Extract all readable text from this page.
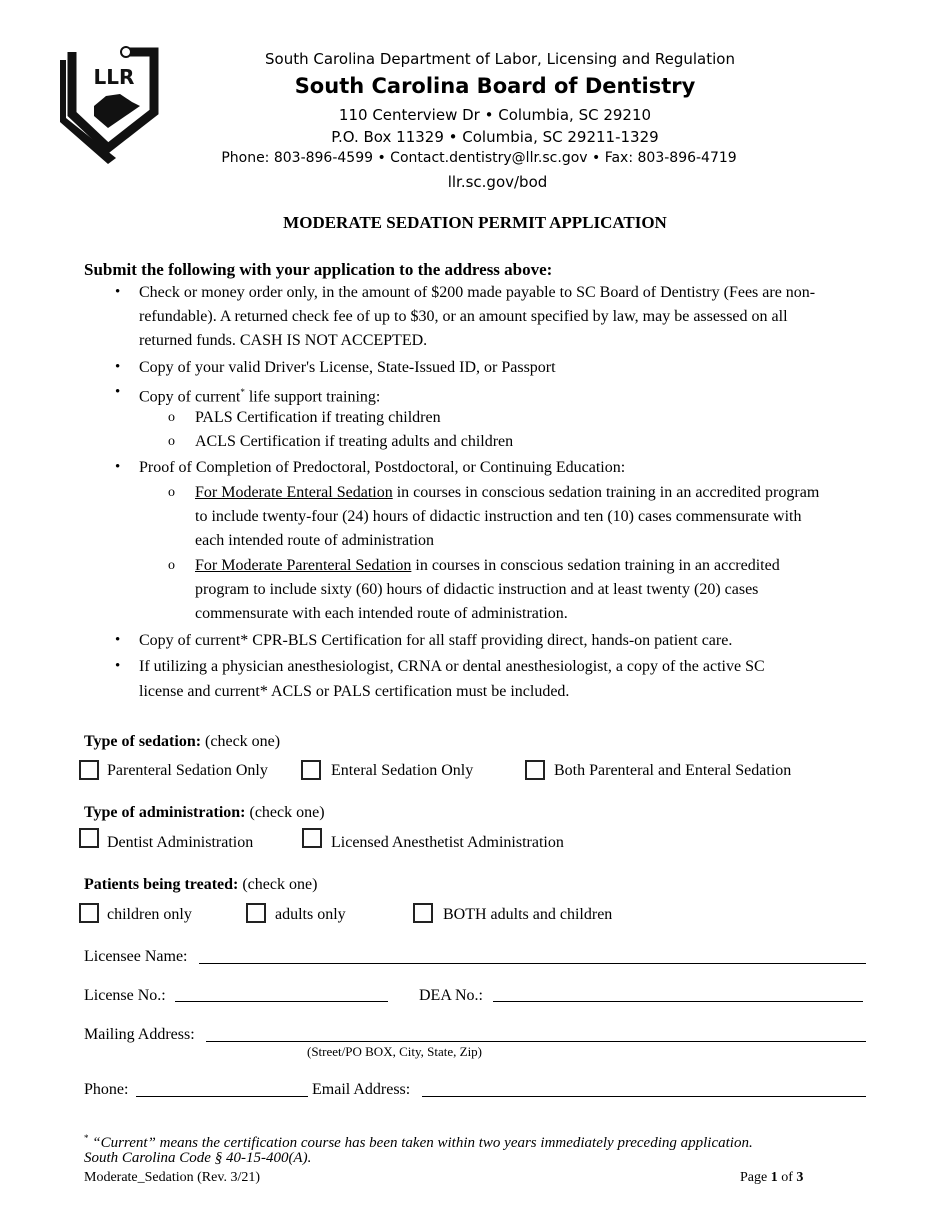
LLR
South Carolina Department of Labor, Licensing and Regulation
South Carolina Board of Dentistry
110 Centerview Dr • Columbia, SC 29210
P.O. Box 11329 • Columbia, SC 29211-1329
Phone: 803-896-4599 • Contact.dentistry@llr.sc.gov • Fax: 803-896-4719
llr.sc.gov/bod
MODERATE SEDATION PERMIT APPLICATION
Submit the following with your application to the address above:
• Check or money order only, in the amount of $200 made payable to SC Board of Dentistry (Fees are non-
refundable). A returned check fee of up to $30, or an amount specified by law, may be assessed on all
returned funds. CASH IS NOT ACCEPTED.
• Copy of your valid Driver's License, State-Issued ID, or Passport
• Copy of current* life support training:
o PALS Certification if treating children
o ACLS Certification if treating adults and children
• Proof of Completion of Predoctoral, Postdoctoral, or Continuing Education:
o For Moderate Enteral Sedation in courses in conscious sedation training in an accredited program
to include twenty-four (24) hours of didactic instruction and ten (10) cases commensurate with
each intended route of administration
o For Moderate Parenteral Sedation in courses in conscious sedation training in an accredited
program to include sixty (60) hours of didactic instruction and at least twenty (20) cases
commensurate with each intended route of administration.
• Copy of current* CPR-BLS Certification for all staff providing direct, hands-on patient care.
• If utilizing a physician anesthesiologist, CRNA or dental anesthesiologist, a copy of the active SC
license and current* ACLS or PALS certification must be included.
Type of sedation: (check one)
Parenteral Sedation Only	Enteral Sedation Only	Both Parenteral and Enteral Sedation
Type of administration: (check one)
Dentist Administration	Licensed Anesthetist Administration
Patients being treated: (check one)
children only	adults only	BOTH adults and children
Licensee Name:
License No.:	DEA No.:
Mailing Address:
(Street/PO BOX, City, State, Zip)
Phone:	Email Address:
* “Current” means the certification course has been taken within two years immediately preceding application.
South Carolina Code § 40-15-400(A).
Moderate_Sedation (Rev. 3/21)	Page 1 of 3
